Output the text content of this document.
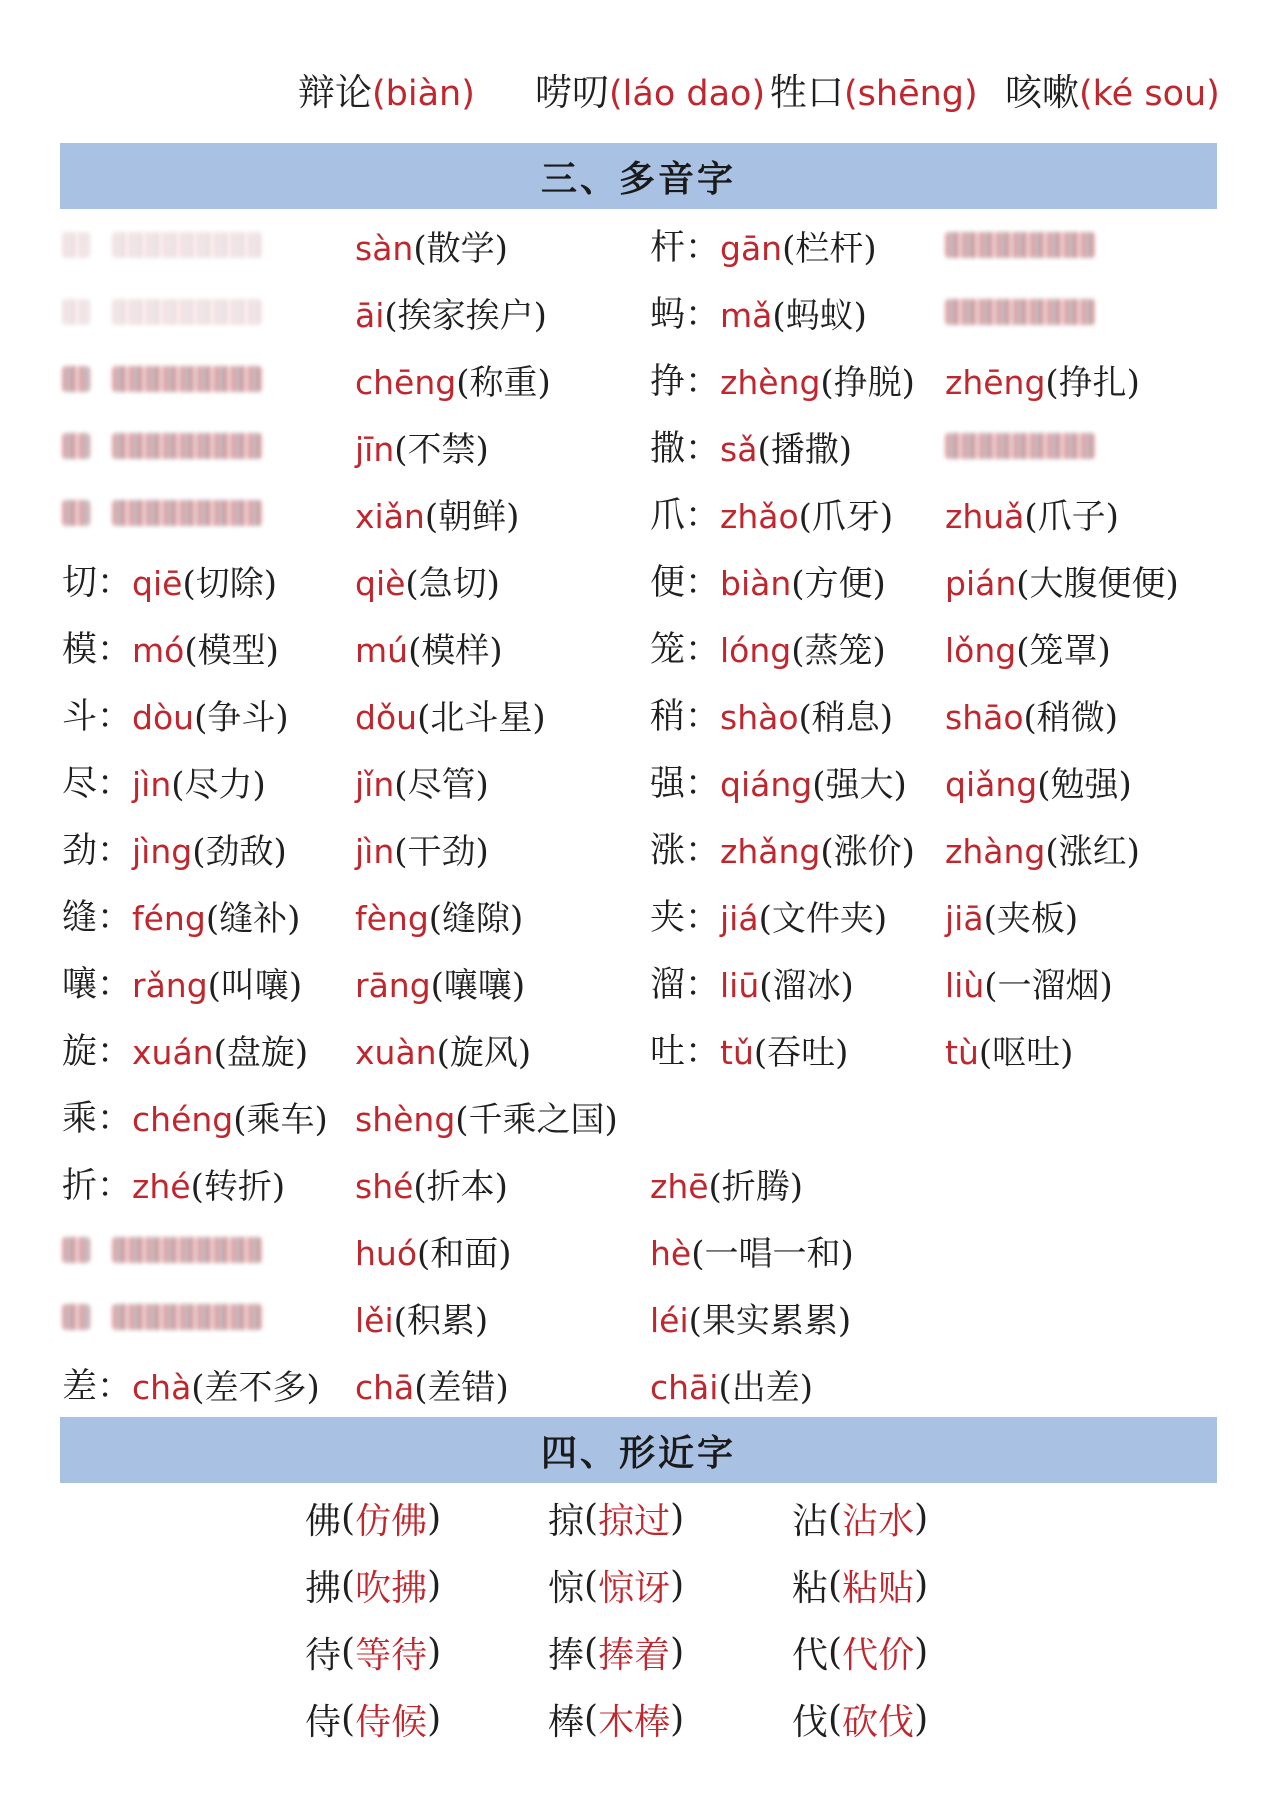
辩论(biàn) 唠叨(láo dao) 牲口(shēng) 咳嗽(ké sou)
三、多音字

sàn(散学)	杆： gān(栏杆)

āi(挨家挨户)	蚂： mǎ(蚂蚁)

chēng(称重)	挣： zhèng(挣脱) zhēng(挣扎)

jīn(不禁)	撒： sǎ(播撒)

xiǎn(朝鲜)	爪： zhǎo(爪牙) zhuǎ(爪子)
切： qiē(切除) qiè(急切)	便： biàn(方便) pián(大腹便便)
模： mó(模型) mú(模样)	笼： lóng(蒸笼) lǒng(笼罩)
斗： dòu(争斗) dǒu(北斗星)	稍： shào(稍息) shāo(稍微)
尽： jìn(尽力)	jǐn(尽管)	强： qiáng(强大) qiǎng(勉强)
劲： jìng(劲敌) jìn(干劲)	涨： zhǎng(涨价) zhàng(涨红)
缝： féng(缝补) fèng(缝隙)	夹： jiá(文件夹) jiā(夹板)
嚷： rǎng(叫嚷) rāng(嚷嚷)	溜： liū(溜冰)	liù(一溜烟)
旋： xuán(盘旋) xuàn(旋风)	吐： tǔ(吞吐)	tù(呕吐)
乘： chéng(乘车) shèng(千乘之国)
折： zhé(转折) shé(折本)	zhē(折腾)

huó(和面)	hè(一唱一和)

lěi(积累)	léi(果实累累)
差： chà(差不多) chā(差错)	chāi(出差)
四、形近字
佛 ( 仿佛 )	掠 ( 掠过 )	沾 ( 沾水 )
拂 ( 吹拂 )	惊 ( 惊讶 )	粘 ( 粘贴 )
待 ( 等待 )	捧 ( 捧着 )	代 ( 代价 )
侍 ( 侍候 )	棒 ( 木棒 )	伐 ( 砍伐 )
